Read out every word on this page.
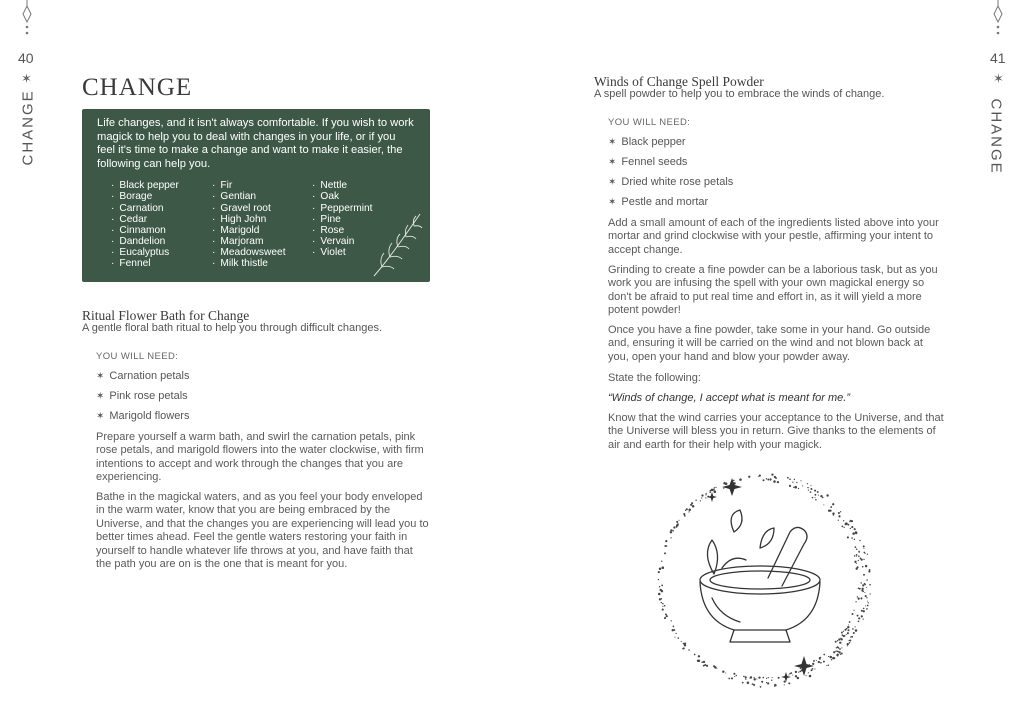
40
✶
CHANGE
CHANGE

Life changes, and it isn't always comfortable. If you wish to work magick to help you to deal with changes in your life, or if you feel it's time to make a change and want to make it easier, the following can help you.

· Black pepper
· Borage
· Carnation
· Cedar
· Cinnamon
· Dandelion
· Eucalyptus
· Fennel
· Fir
· Gentian
· Gravel root
· High John
· Marigold
· Marjoram
· Meadowsweet
· Milk thistle
· Nettle
· Oak
· Peppermint
· Pine
· Rose
· Vervain
· Violet
Ritual Flower Bath for Change

A gentle floral bath ritual to help you through difficult changes.

YOU WILL NEED:

✶ Carnation petals

✶ Pink rose petals

✶ Marigold flowers

Prepare yourself a warm bath, and swirl the carnation petals, pink rose petals, and marigold flowers into the water clockwise, with firm intentions to accept and work through the changes that you are experiencing.

Bathe in the magickal waters, and as you feel your body enveloped in the warm water, know that you are being embraced by the Universe, and that the changes you are experiencing will lead you to better times ahead. Feel the gentle waters restoring your faith in yourself to handle whatever life throws at you, and have faith that the path you are on is the one that is meant for you.

41
✶
CHANGE
Winds of Change Spell Powder

A spell powder to help you to embrace the winds of change.

YOU WILL NEED:

✶ Black pepper

✶ Fennel seeds

✶ Dried white rose petals

✶ Pestle and mortar

Add a small amount of each of the ingredients listed above into your mortar and grind clockwise with your pestle, affirming your intent to accept change.

Grinding to create a fine powder can be a laborious task, but as you work you are infusing the spell with your own magickal energy so don't be afraid to put real time and effort in, as it will yield a more potent powder!

Once you have a fine powder, take some in your hand. Go outside and, ensuring it will be carried on the wind and not blown back at you, open your hand and blow your powder away.

State the following:

“Winds of change, I accept what is meant for me.”

Know that the wind carries your acceptance to the Universe, and that the Universe will bless you in return. Give thanks to the elements of air and earth for their help with your magick.
